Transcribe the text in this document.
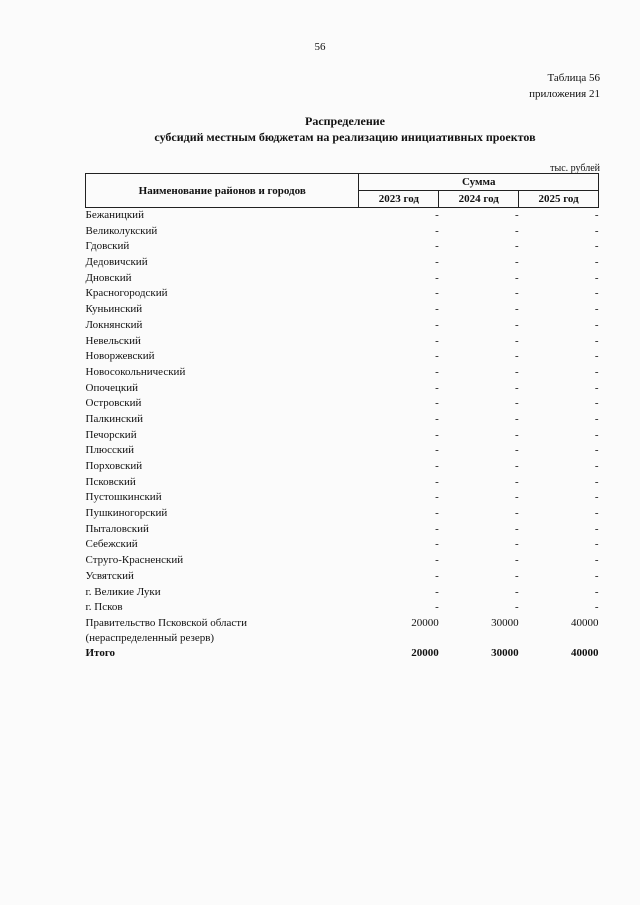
56
Таблица 56
приложения 21
Распределение
субсидий местным бюджетам на реализацию инициативных проектов
тыс. рублей
Наименование районов и городов	Сумма		
	2023 год	2024 год	2025 год
Бежаницкий	-	-	-
Великолукский	-	-	-
Гдовский	-	-	-
Дедовичский	-	-	-
Дновский	-	-	-
Красногородский	-	-	-
Куньинский	-	-	-
Локнянский	-	-	-
Невельский	-	-	-
Новоржевский	-	-	-
Новосокольнический	-	-	-
Опочецкий	-	-	-
Островский	-	-	-
Палкинский	-	-	-
Печорский	-	-	-
Плюсский	-	-	-
Порховский	-	-	-
Псковский	-	-	-
Пустошкинский	-	-	-
Пушкиногорский	-	-	-
Пыталовский	-	-	-
Себежский	-	-	-
Струго-Красненский	-	-	-
Усвятский	-	-	-
г. Великие Луки	-	-	-
г. Псков	-	-	-

Правительство Псковской области
(нераспределенный резерв)	20000	30000	40000
Итого	20000	30000	40000
